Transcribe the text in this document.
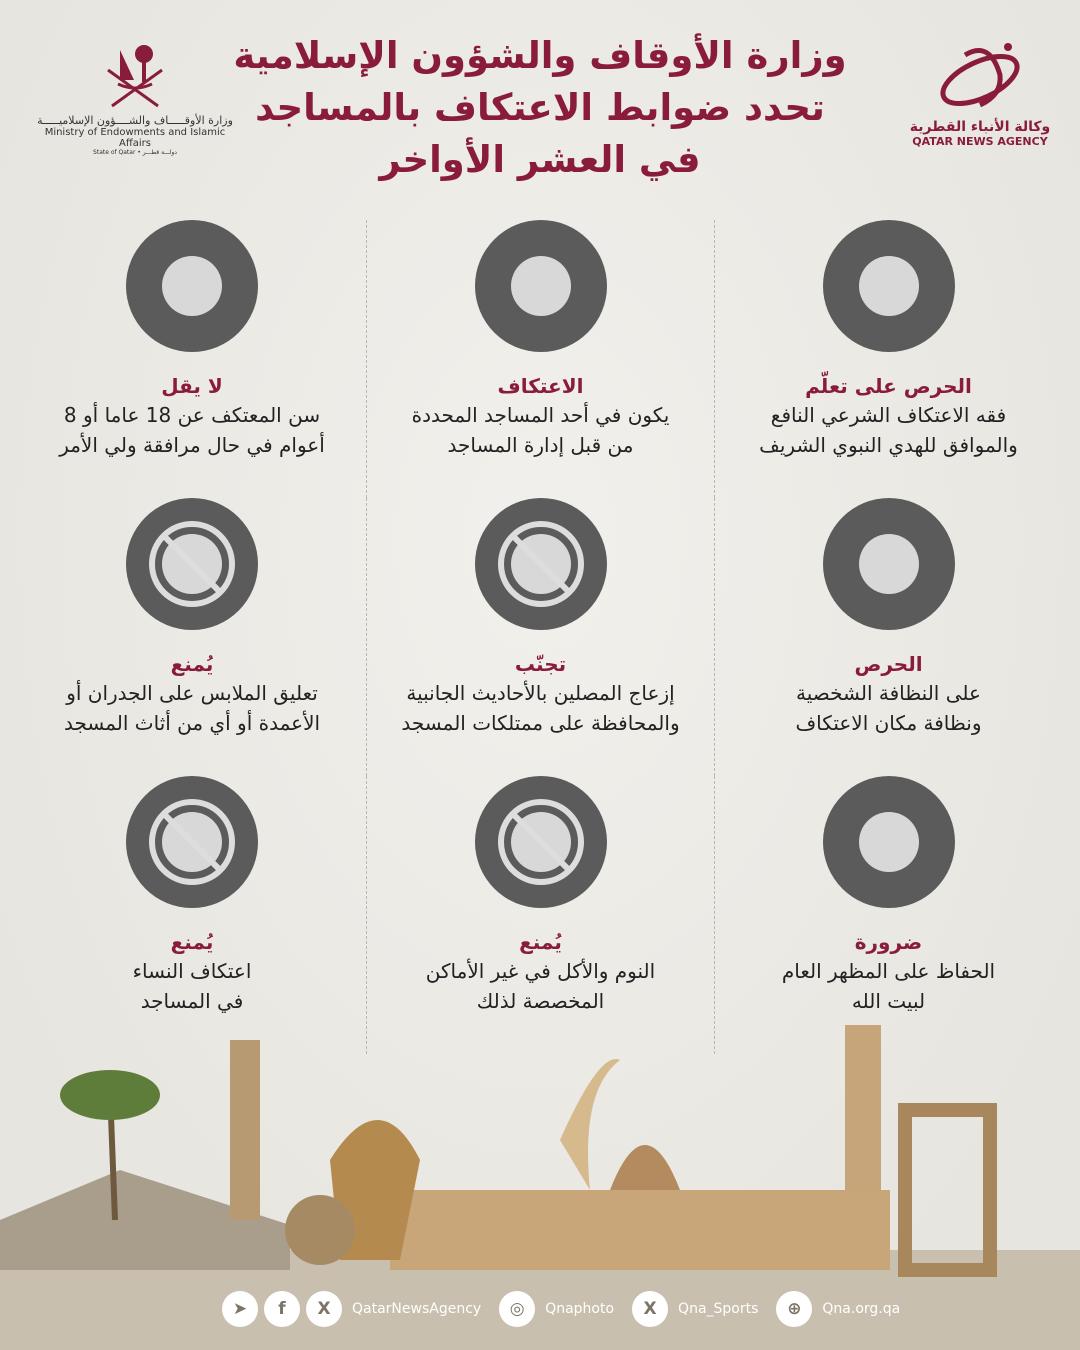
وزارة الأوقـــــاف والشــــؤون الإسلاميـــــة
Ministry of Endowments and Islamic Affairs
State of Qatar • دولـــة قطـــر
وزارة الأوقاف والشؤون الإسلامية
تحدد ضوابط الاعتكاف بالمساجد
في العشر الأواخر
وكالة الأنباء القطرية
QATAR NEWS AGENCY
الحرص على تعلّم
فقه الاعتكاف الشرعي النافع
والموافق للهدي النبوي الشريف
الاعتكاف
يكون في أحد المساجد المحددة
من قبل إدارة المساجد
لا يقل
سن المعتكف عن 18 عاما أو 8
أعوام في حال مرافقة ولي الأمر
الحرص
على النظافة الشخصية
ونظافة مكان الاعتكاف
تجنّب
إزعاج المصلين بالأحاديث الجانبية
والمحافظة على ممتلكات المسجد
يُمنع
تعليق الملابس على الجدران أو
الأعمدة أو أي من أثاث المسجد
ضرورة
الحفاظ على المظهر العام
لبيت الله
يُمنع
النوم والأكل في غير الأماكن
المخصصة لذلك
يُمنع
اعتكاف النساء
في المساجد
➤	f	X	QatarNewsAgency	◎	Qnaphoto	X	Qna_Sports	⊕	Qna.org.qa
